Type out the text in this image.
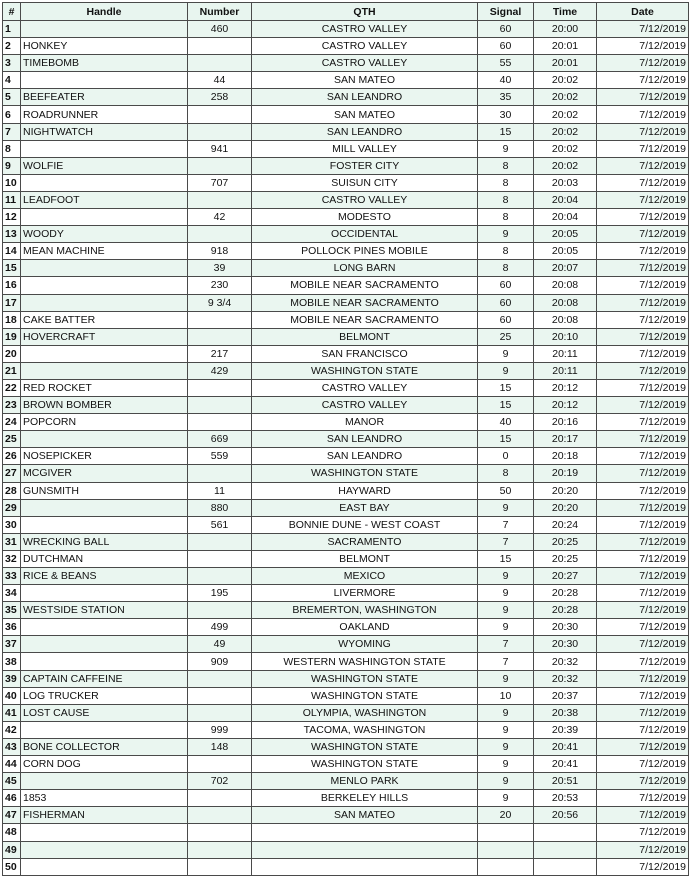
#	Handle	Number	QTH	Signal	Time	Date
1		460	CASTRO VALLEY	60	20:00	7/12/2019
2	HONKEY		CASTRO VALLEY	60	20:01	7/12/2019
3	TIMEBOMB		CASTRO VALLEY	55	20:01	7/12/2019
4		44	SAN MATEO	40	20:02	7/12/2019
5	BEEFEATER	258	SAN LEANDRO	35	20:02	7/12/2019
6	ROADRUNNER		SAN MATEO	30	20:02	7/12/2019
7	NIGHTWATCH		SAN LEANDRO	15	20:02	7/12/2019
8		941	MILL VALLEY	9	20:02	7/12/2019
9	WOLFIE		FOSTER CITY	8	20:02	7/12/2019
10		707	SUISUN CITY	8	20:03	7/12/2019
11	LEADFOOT		CASTRO VALLEY	8	20:04	7/12/2019
12		42	MODESTO	8	20:04	7/12/2019
13	WOODY		OCCIDENTAL	9	20:05	7/12/2019
14	MEAN MACHINE	918	POLLOCK PINES MOBILE	8	20:05	7/12/2019
15		39	LONG BARN	8	20:07	7/12/2019
16		230	MOBILE NEAR SACRAMENTO	60	20:08	7/12/2019
17		9 3/4	MOBILE NEAR SACRAMENTO	60	20:08	7/12/2019
18	CAKE BATTER		MOBILE NEAR SACRAMENTO	60	20:08	7/12/2019
19	HOVERCRAFT		BELMONT	25	20:10	7/12/2019
20		217	SAN FRANCISCO	9	20:11	7/12/2019
21		429	WASHINGTON STATE	9	20:11	7/12/2019
22	RED ROCKET		CASTRO VALLEY	15	20:12	7/12/2019
23	BROWN BOMBER		CASTRO VALLEY	15	20:12	7/12/2019
24	POPCORN		MANOR	40	20:16	7/12/2019
25		669	SAN LEANDRO	15	20:17	7/12/2019
26	NOSEPICKER	559	SAN LEANDRO	0	20:18	7/12/2019
27	MCGIVER		WASHINGTON STATE	8	20:19	7/12/2019
28	GUNSMITH	11	HAYWARD	50	20:20	7/12/2019
29		880	EAST BAY	9	20:20	7/12/2019
30		561	BONNIE DUNE - WEST COAST	7	20:24	7/12/2019
31	WRECKING BALL		SACRAMENTO	7	20:25	7/12/2019
32	DUTCHMAN		BELMONT	15	20:25	7/12/2019
33	RICE & BEANS		MEXICO	9	20:27	7/12/2019
34		195	LIVERMORE	9	20:28	7/12/2019
35	WESTSIDE STATION		BREMERTON, WASHINGTON	9	20:28	7/12/2019
36		499	OAKLAND	9	20:30	7/12/2019
37		49	WYOMING	7	20:30	7/12/2019
38		909	WESTERN WASHINGTON STATE	7	20:32	7/12/2019
39	CAPTAIN CAFFEINE		WASHINGTON STATE	9	20:32	7/12/2019
40	LOG TRUCKER		WASHINGTON STATE	10	20:37	7/12/2019
41	LOST CAUSE		OLYMPIA, WASHINGTON	9	20:38	7/12/2019
42		999	TACOMA, WASHINGTON	9	20:39	7/12/2019
43	BONE COLLECTOR	148	WASHINGTON STATE	9	20:41	7/12/2019
44	CORN DOG		WASHINGTON STATE	9	20:41	7/12/2019
45		702	MENLO PARK	9	20:51	7/12/2019
46	1853		BERKELEY HILLS	9	20:53	7/12/2019
47	FISHERMAN		SAN MATEO	20	20:56	7/12/2019
48						7/12/2019
49						7/12/2019
50						7/12/2019
